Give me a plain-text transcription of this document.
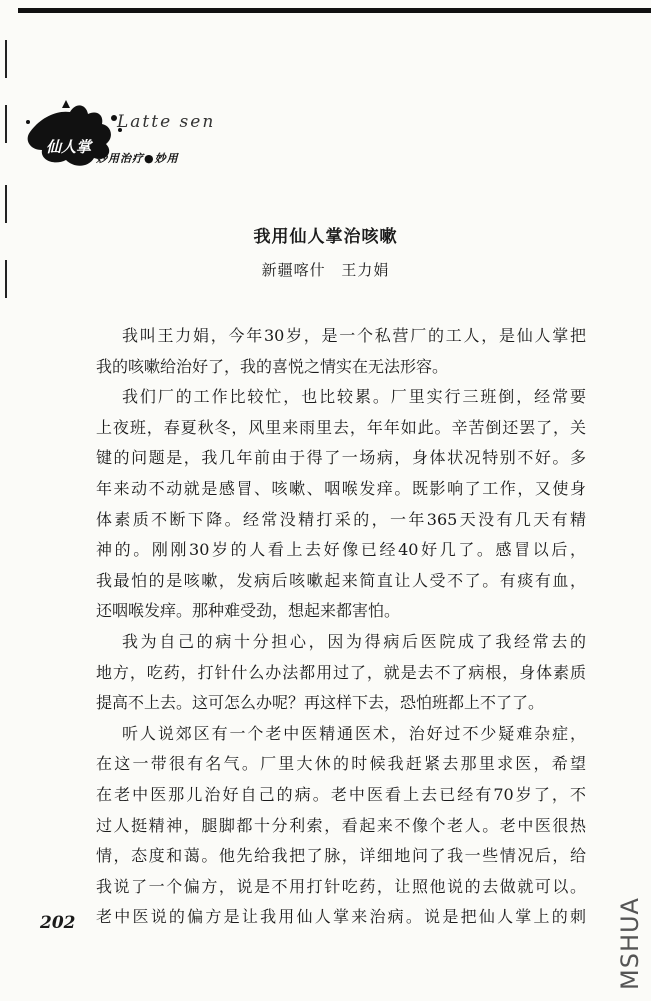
Latte sen
仙人掌
妙用治疗●妙用
我用仙人掌治咳嗽
新疆喀什 王力娟
我叫王力娟，今年30岁，是一个私营厂的工人，是仙人掌把
我的咳嗽给治好了，我的喜悦之情实在无法形容。
我们厂的工作比较忙，也比较累。厂里实行三班倒，经常要
上夜班，春夏秋冬，风里来雨里去，年年如此。辛苦倒还罢了，关
键的问题是，我几年前由于得了一场病，身体状况特别不好。多
年来动不动就是感冒、咳嗽、咽喉发痒。既影响了工作，又使身
体素质不断下降。经常没精打采的，一年365天没有几天有精
神的。刚刚30岁的人看上去好像已经40好几了。感冒以后，
我最怕的是咳嗽，发病后咳嗽起来简直让人受不了。有痰有血，
还咽喉发痒。那种难受劲，想起来都害怕。
我为自己的病十分担心，因为得病后医院成了我经常去的
地方，吃药，打针什么办法都用过了，就是去不了病根，身体素质
提高不上去。这可怎么办呢？再这样下去，恐怕班都上不了了。
听人说郊区有一个老中医精通医术，治好过不少疑难杂症，
在这一带很有名气。厂里大休的时候我赶紧去那里求医，希望
在老中医那儿治好自己的病。老中医看上去已经有70岁了，不
过人挺精神，腿脚都十分利索，看起来不像个老人。老中医很热
情，态度和蔼。他先给我把了脉，详细地问了我一些情况后，给
我说了一个偏方，说是不用打针吃药，让照他说的去做就可以。
老中医说的偏方是让我用仙人掌来治病。说是把仙人掌上的刺
202	MSHUA
